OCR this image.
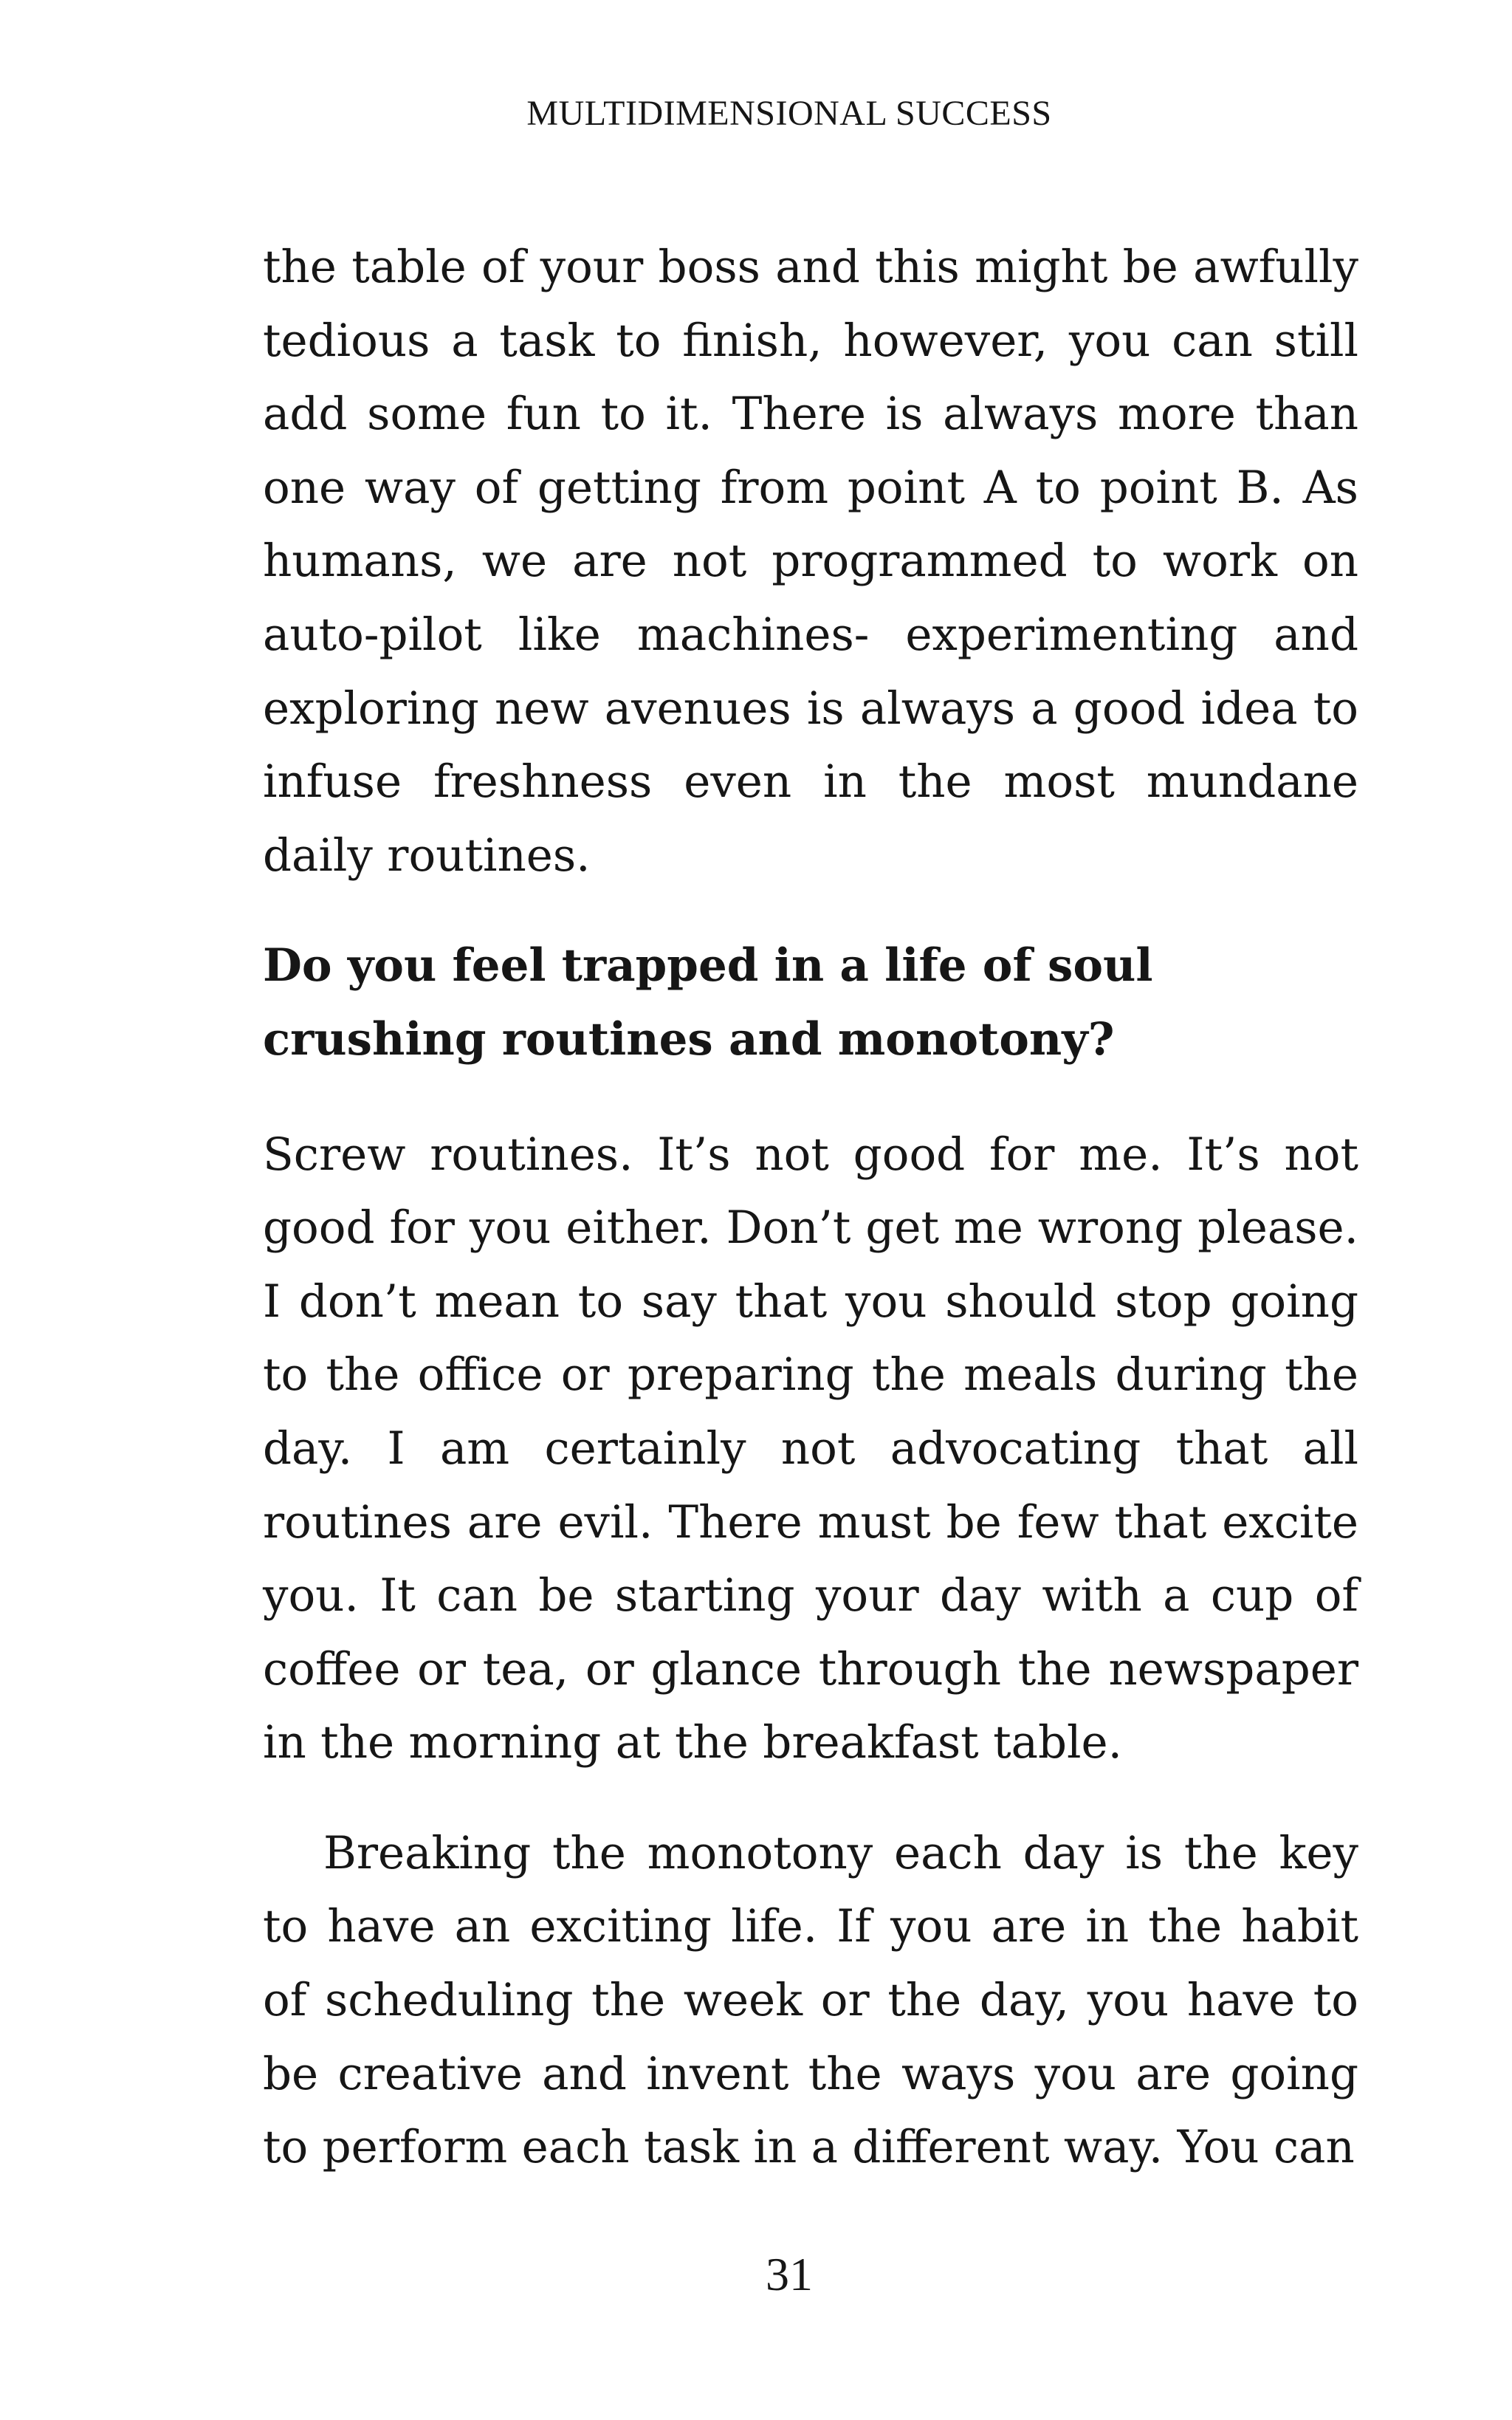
MULTIDIMENSIONAL SUCCESS

the table of your boss and this might be awfully tedious a task to finish, however, you can still add some fun to it. There is always more than one way of getting from point A to point B. As humans, we are not programmed to work on auto-pilot like machines- experimenting and exploring new avenues is always a good idea to infuse freshness even in the most mundane daily routines.

Do you feel trapped in a life of soul crushing routines and monotony?

Screw routines. It’s not good for me. It’s not good for you either. Don’t get me wrong please. I don’t mean to say that you should stop going to the office or preparing the meals during the day. I am certainly not advocating that all routines are evil. There must be few that excite you. It can be starting your day with a cup of coffee or tea, or glance through the newspaper in the morning at the breakfast table.

Breaking the monotony each day is the key to have an exciting life. If you are in the habit of scheduling the week or the day, you have to be creative and invent the ways you are going to perform each task in a different way. You can

31
